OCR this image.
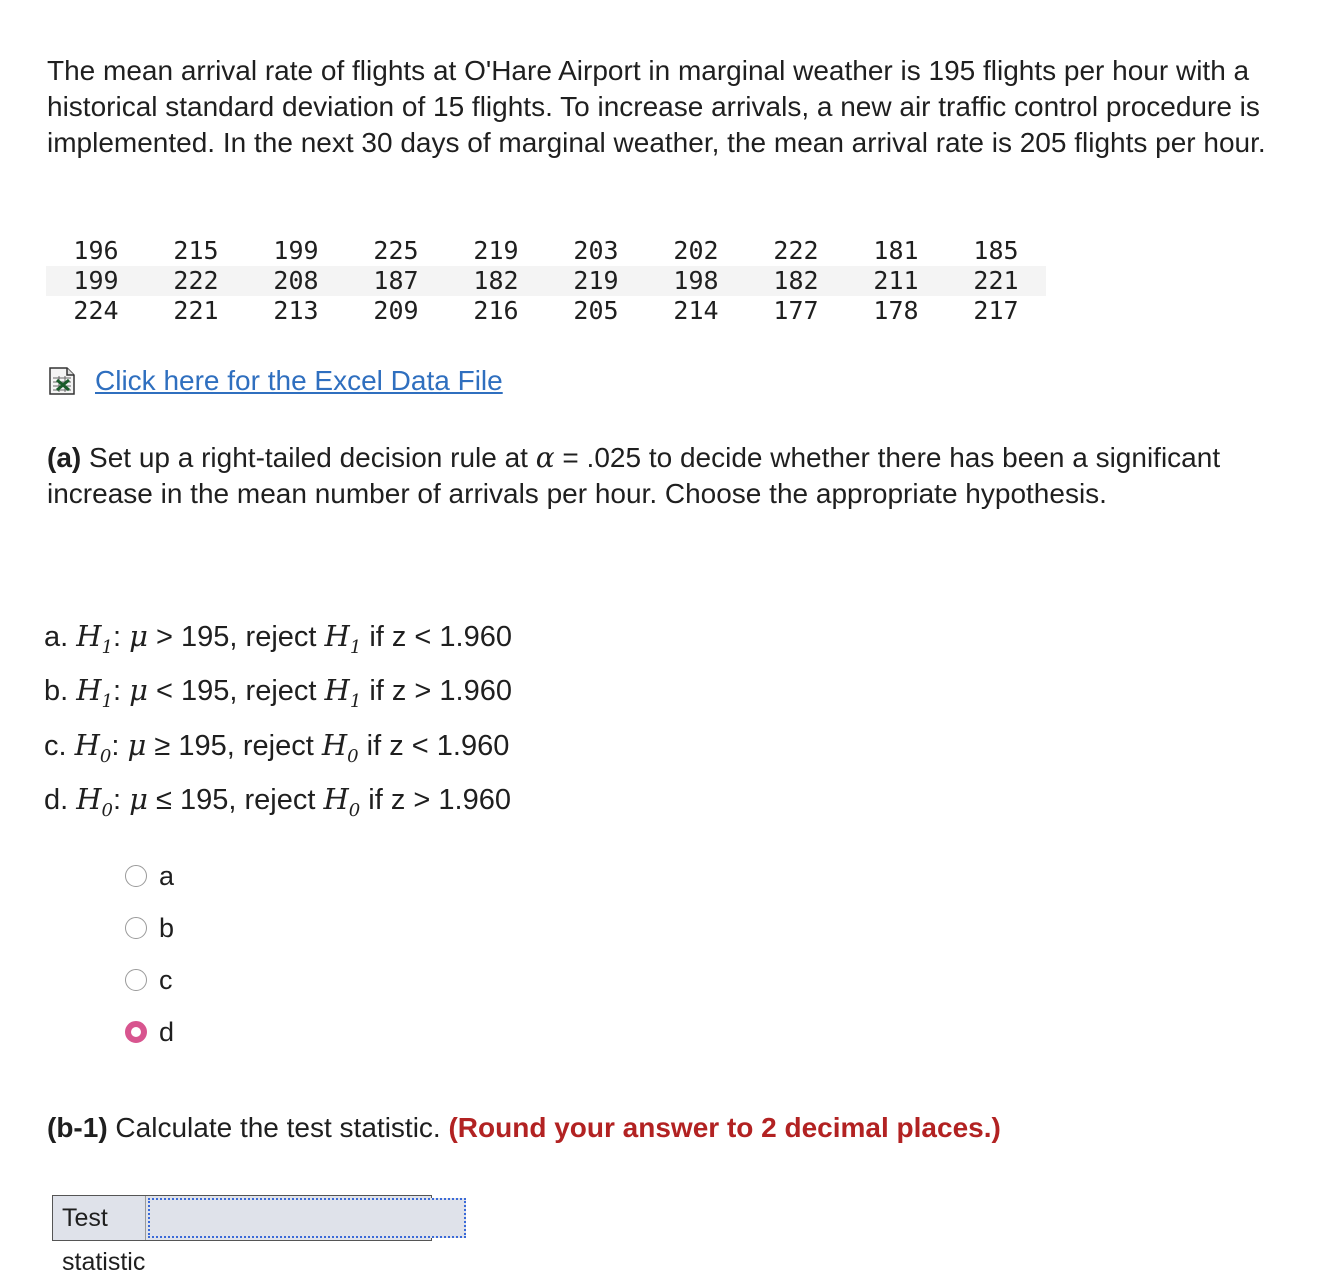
The mean arrival rate of flights at O'Hare Airport in marginal weather is 195 flights per hour with a historical standard deviation of 15 flights. To increase arrivals, a new air traffic control procedure is implemented. In the next 30 days of marginal weather, the mean arrival rate is 205 flights per hour.

196	215	199	225	219	203	202	222	181	185
199	222	208	187	182	219	198	182	211	221
224	221	213	209	216	205	214	177	178	217
Click here for the Excel Data File

(a) Set up a right-tailed decision rule at α = .025 to decide whether there has been a significant increase in the mean number of arrivals per hour. Choose the appropriate hypothesis.

a. $H_1$: μ > 195, reject $H_1$ if z < 1.960
b. $H_1$: μ < 195, reject $H_1$ if z > 1.960
c. $H_0$: μ ≥ 195, reject $H_0$ if z < 1.960
d. $H_0$: μ ≤ 195, reject $H_0$ if z > 1.960
a
b
c
d

(b-1) Calculate the test statistic. (Round your answer to 2 decimal places.)

Test statistic
